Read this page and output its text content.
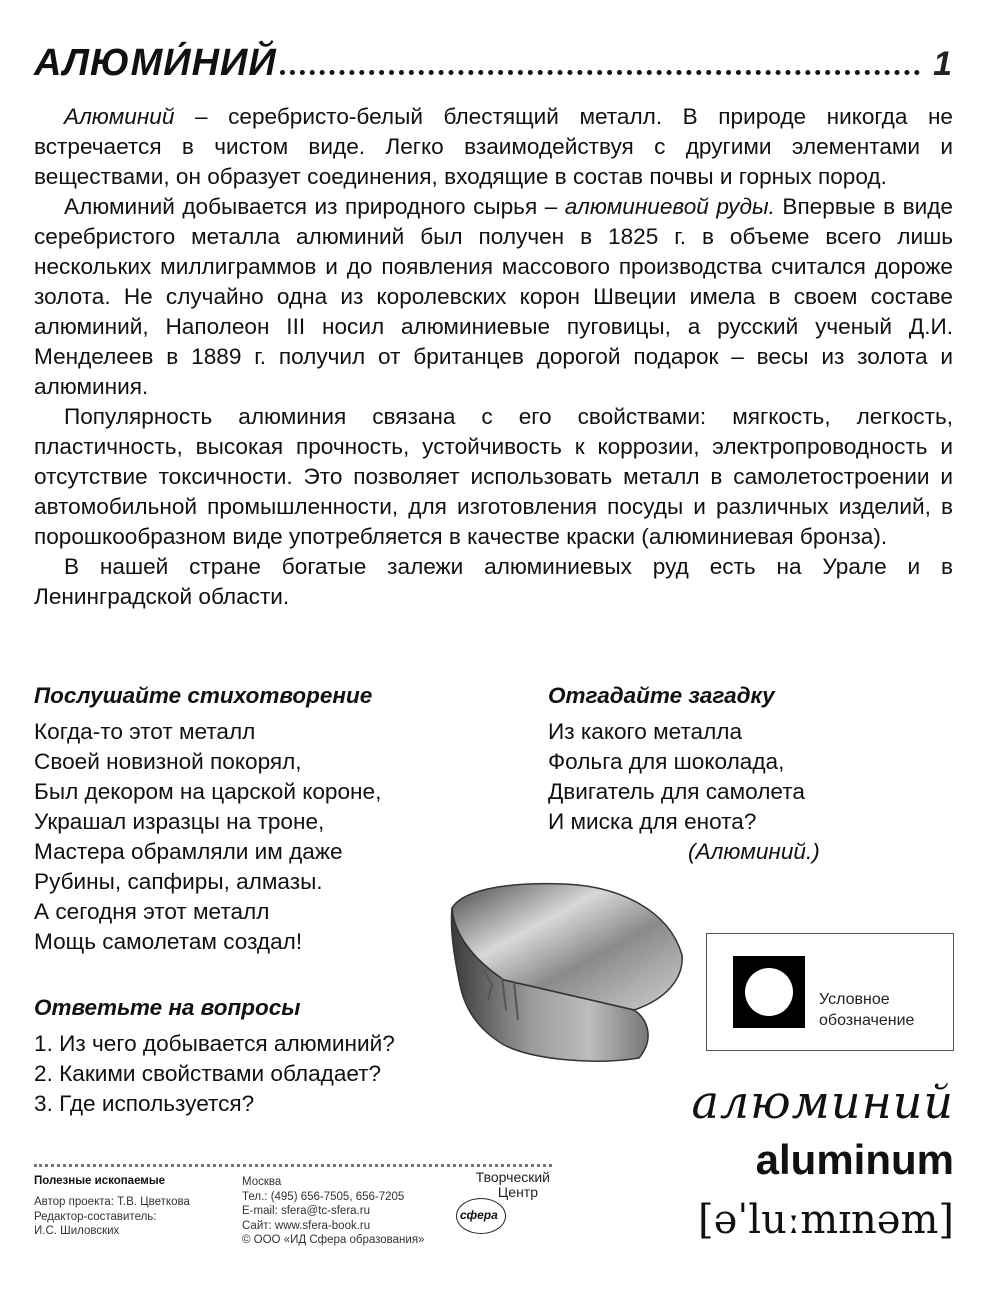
АЛЮМИ́НИЙ	1

Алюминий – серебристо-белый блестящий металл. В природе никогда не встречается в чистом виде. Легко взаимодействуя с другими элементами и веществами, он образует соединения, входящие в состав почвы и горных пород.

Алюминий добывается из природного сырья – алюминиевой руды. Впервые в виде серебристого металла алюминий был получен в 1825 г. в объеме всего лишь нескольких миллиграммов и до появления массового производства считался дороже золота. Не случайно одна из королевских корон Швеции имела в своем составе алюминий, Наполеон III носил алюминиевые пуговицы, а русский ученый Д.И. Менделеев в 1889 г. получил от британцев дорогой подарок – весы из золота и алюминия.

Популярность алюминия связана с его свойствами: мягкость, легкость, пластичность, высокая прочность, устойчивость к коррозии, электропроводность и отсутствие токсичности. Это позволяет использовать металл в самолетостроении и автомобильной промышленности, для изготовления посуды и различных изделий, в порошкообразном виде употребляется в качестве краски (алюминиевая бронза).

В нашей стране богатые залежи алюминиевых руд есть на Урале и в Ленинградской области.

Послушайте стихотворение
Когда-то этот металл
Своей новизной покорял,
Был декором на царской короне,
Украшал изразцы на троне,
Мастера обрамляли им даже
Рубины, сапфиры, алмазы.
А сегодня этот металл
Мощь самолетам создал!
Отгадайте загадку
Из какого металла
Фольга для шоколада,
Двигатель для самолета
И миска для енота?
(Алюминий.)
Ответьте на вопросы
1. Из чего добывается алюминий?
2. Какими свойствами обладает?
3. Где используется?
Условное
обозначение
алюминий
aluminum
[əˈluːmɪnəm]
Полезные ископаемые
Автор проекта: Т.В. Цветкова
Редактор-составитель:
И.С. Шиловских
Москва
Тел.: (495) 656-7505, 656-7205
E-mail: sfera@tc-sfera.ru
Сайт: www.sfera-book.ru
© ООО «ИД Сфера образования»
Творческий
Центр
сфера
